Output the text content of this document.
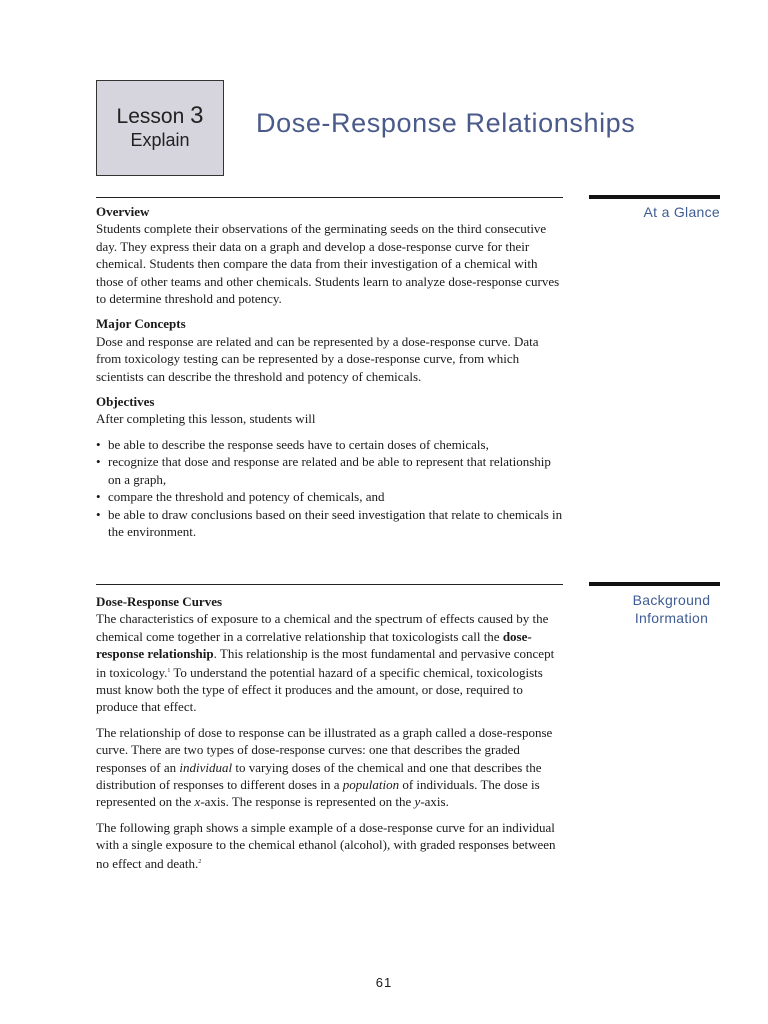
Lesson 3
Explain
Dose-Response Relationships
At a Glance
Overview

Students complete their observations of the germinating seeds on the third consecutive day. They express their data on a graph and develop a dose-response curve for their chemical. Students then compare the data from their investigation of a chemical with those of other teams and other chemicals. Students learn to analyze dose-response curves to determine threshold and potency.

Major Concepts

Dose and response are related and can be represented by a dose-response curve. Data from toxicology testing can be represented by a dose-response curve, from which scientists can describe the threshold and potency of chemicals.

Objectives

After completing this lesson, students will

• be able to describe the response seeds have to certain doses of chemicals,
• recognize that dose and response are related and be able to represent that relationship on a graph,
• compare the threshold and potency of chemicals, and
• be able to draw conclusions based on their seed investigation that relate to chemicals in the environment.
Background
Information
Dose-Response Curves

The characteristics of exposure to a chemical and the spectrum of effects caused by the chemical come together in a correlative relationship that toxicologists call the dose-response relationship. This relationship is the most fundamental and pervasive concept in toxicology.$^1$ To understand the potential hazard of a specific chemical, toxicologists must know both the type of effect it produces and the amount, or dose, required to produce that effect.

The relationship of dose to response can be illustrated as a graph called a dose-response curve. There are two types of dose-response curves: one that describes the graded responses of an individual to varying doses of the chemical and one that describes the distribution of responses to different doses in a population of individuals. The dose is represented on the x-axis. The response is represented on the y-axis.

The following graph shows a simple example of a dose-response curve for an individual with a single exposure to the chemical ethanol (alcohol), with graded responses between no effect and death.$^2$

61
